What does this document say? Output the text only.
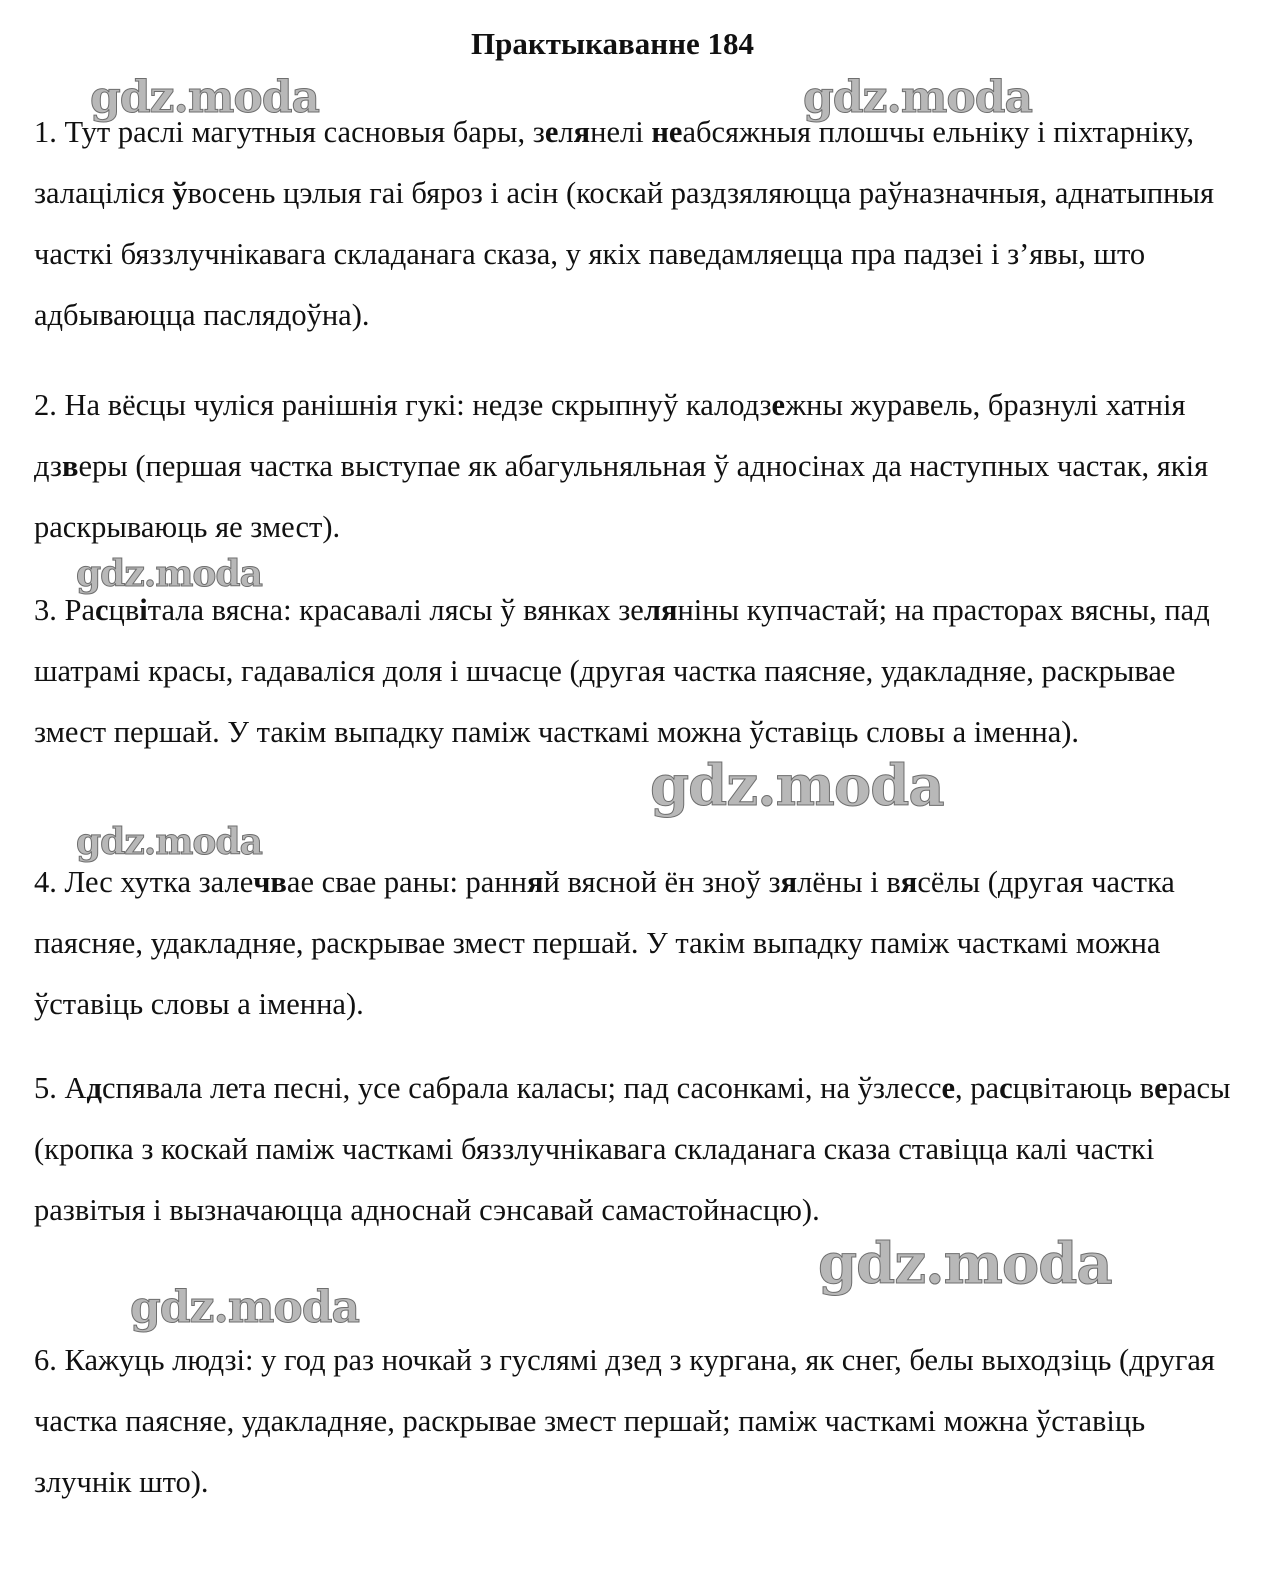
Практыкаванне 184
1. Тут раслі магутныя сасновыя бары, зелянелі неабсяжныя плошчы ельніку і піхтарніку, залаціліся ўвосень цэлыя гаі бяроз і асін (коскай раздзяляюцца раўназначныя, аднатыпныя часткі бяззлучнікавага складанага сказа, у якіх паведамляецца пра падзеі і з’явы, што адбываюцца паслядоўна).
2. На вёсцы чуліся ранішнія гукі: недзе скрыпнуў калодзежны журавель, бразнулі хатнія дзверы (першая частка выступае як абагульняльная ў адносінах да наступных частак, якія раскрываюць яе змест).
3. Расцвітала вясна: красавалі лясы ў вянках зеляніны купчастай; на прасторах вясны, пад шатрамі красы, гадаваліся доля і шчасце (другая частка паясняе, удакладняе, раскрывае змест першай. У такім выпадку паміж часткамі можна ўставіць словы а іменна).
4. Лес хутка залечвае свае раны: ранняй вясной ён зноў зялёны і вясёлы (другая частка паясняе, удакладняе, раскрывае змест першай. У такім выпадку паміж часткамі можна ўставіць словы а іменна).
5. Адспявала лета песні, усе сабрала каласы; пад сасонкамі, на ўзлессе, расцвітаюць верасы (кропка з коскай паміж часткамі бяззлучнікавага складанага сказа ставіцца калі часткі развітыя і вызначаюцца адноснай сэнсавай самастойнасцю).
6. Кажуць людзі: у год раз ночкай з гуслямі дзед з кургана, як снег, белы выходзіць (другая частка паясняе, удакладняе, раскрывае змест першай; паміж часткамі можна ўставіць злучнік што).
gdz.moda	gdz.moda
gdz.moda
gdz.moda
gdz.moda
gdz.moda
gdz.moda
